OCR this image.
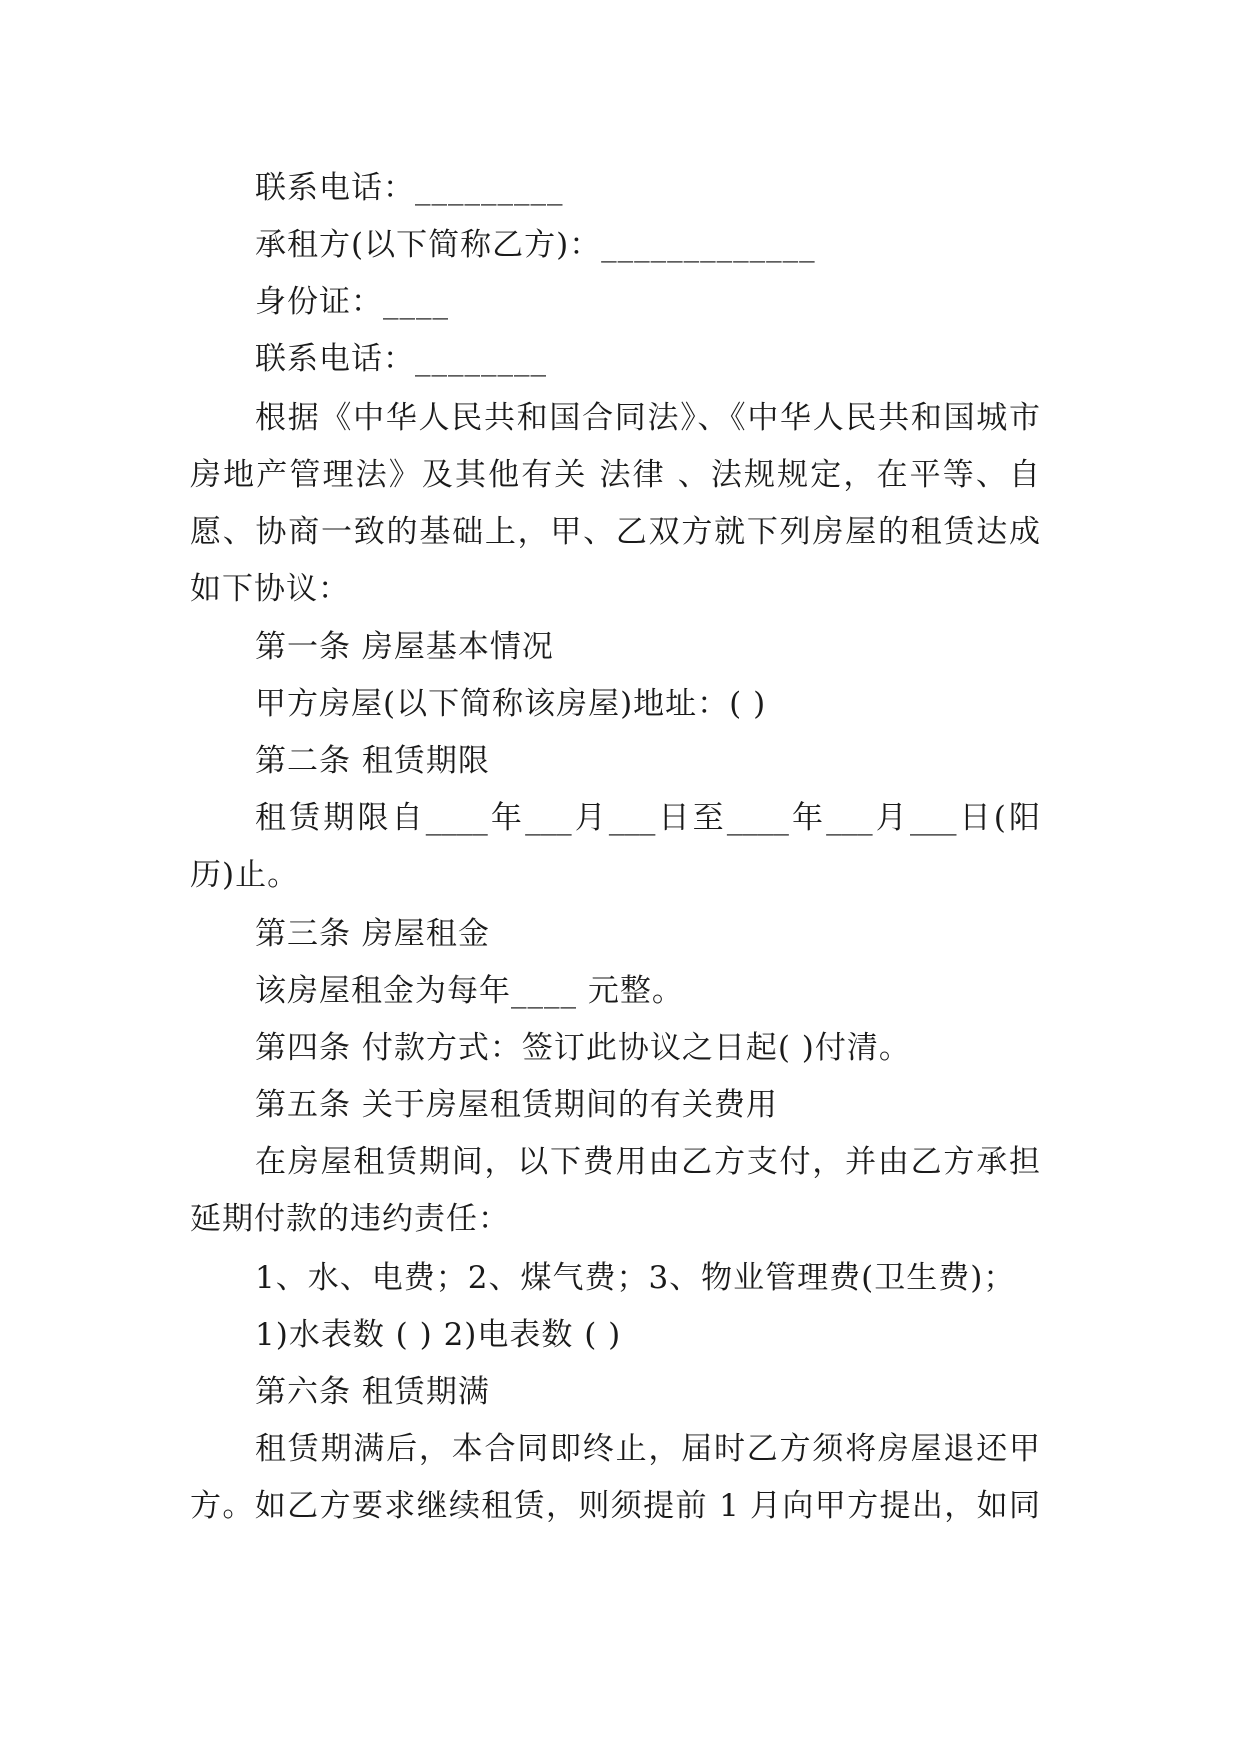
联系电话：_________
承租方(以下简称乙方)：_____________
身份证：____
联系电话：________
根据《中华人民共和国合同法》、《中华人民共和国城市
房地产管理法》及其他有关 法律 、法规规定，在平等、自
愿、协商一致的基础上，甲、乙双方就下列房屋的租赁达成
如下协议：
第一条 房屋基本情况
甲方房屋(以下简称该房屋)地址：( )
第二条 租赁期限
租赁期限自____年___月___日至____年___月___日(阳
历)止。
第三条 房屋租金
该房屋租金为每年____ 元整。
第四条 付款方式：签订此协议之日起( )付清。
第五条 关于房屋租赁期间的有关费用
在房屋租赁期间，以下费用由乙方支付，并由乙方承担
延期付款的违约责任：
1、水、电费；2、煤气费；3、物业管理费(卫生费)；
1)水表数 ( ) 2)电表数 ( )
第六条 租赁期满
租赁期满后，本合同即终止，届时乙方须将房屋退还甲
方。如乙方要求继续租赁，则须提前 1 月向甲方提出，如同
